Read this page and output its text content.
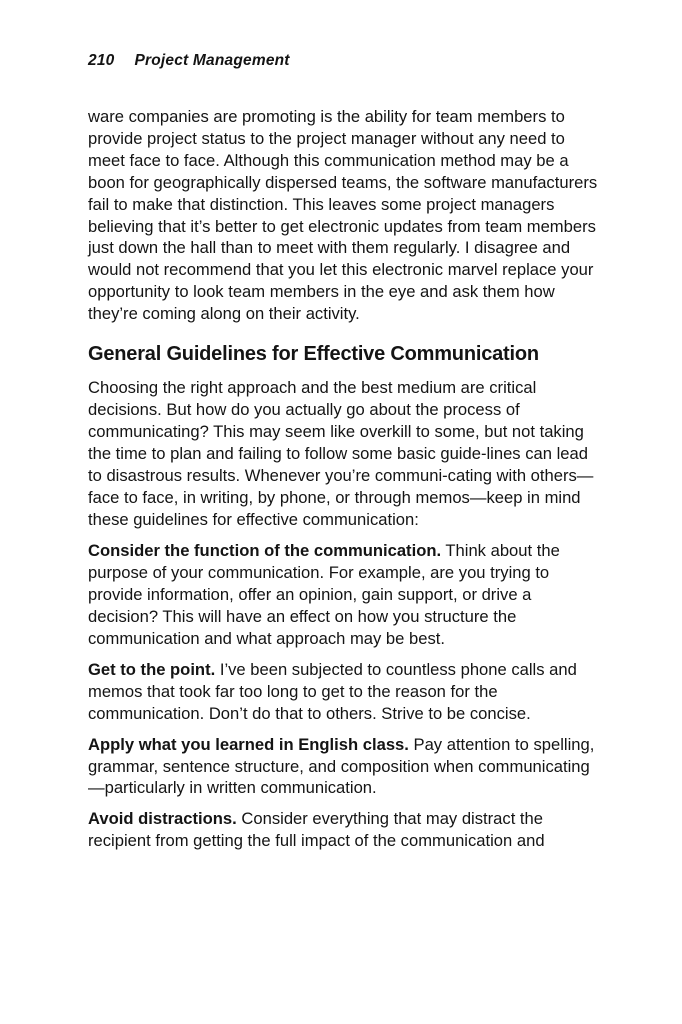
210 Project Management

ware companies are promoting is the ability for team members to provide project status to the project manager without any need to meet face to face. Although this communication method may be a boon for geographically dispersed teams, the software manufacturers fail to make that distinction. This leaves some project managers believing that it’s better to get electronic updates from team members just down the hall than to meet with them regularly. I disagree and would not recommend that you let this electronic marvel replace your opportunity to look team members in the eye and ask them how they’re coming along on their activity.

General Guidelines for Effective Communication

Choosing the right approach and the best medium are critical decisions. But how do you actually go about the process of communicating? This may seem like overkill to some, but not taking the time to plan and failing to follow some basic guide-lines can lead to disastrous results. Whenever you’re communi-cating with others—face to face, in writing, by phone, or through memos—keep in mind these guidelines for effective communication:

Consider the function of the communication. Think about the purpose of your communication. For example, are you trying to provide information, offer an opinion, gain support, or drive a decision? This will have an effect on how you structure the communication and what approach may be best.

Get to the point. I’ve been subjected to countless phone calls and memos that took far too long to get to the reason for the communication. Don’t do that to others. Strive to be concise.

Apply what you learned in English class. Pay attention to spelling, grammar, sentence structure, and composition when communicating—particularly in written communication.

Avoid distractions. Consider everything that may distract the recipient from getting the full impact of the communication and
